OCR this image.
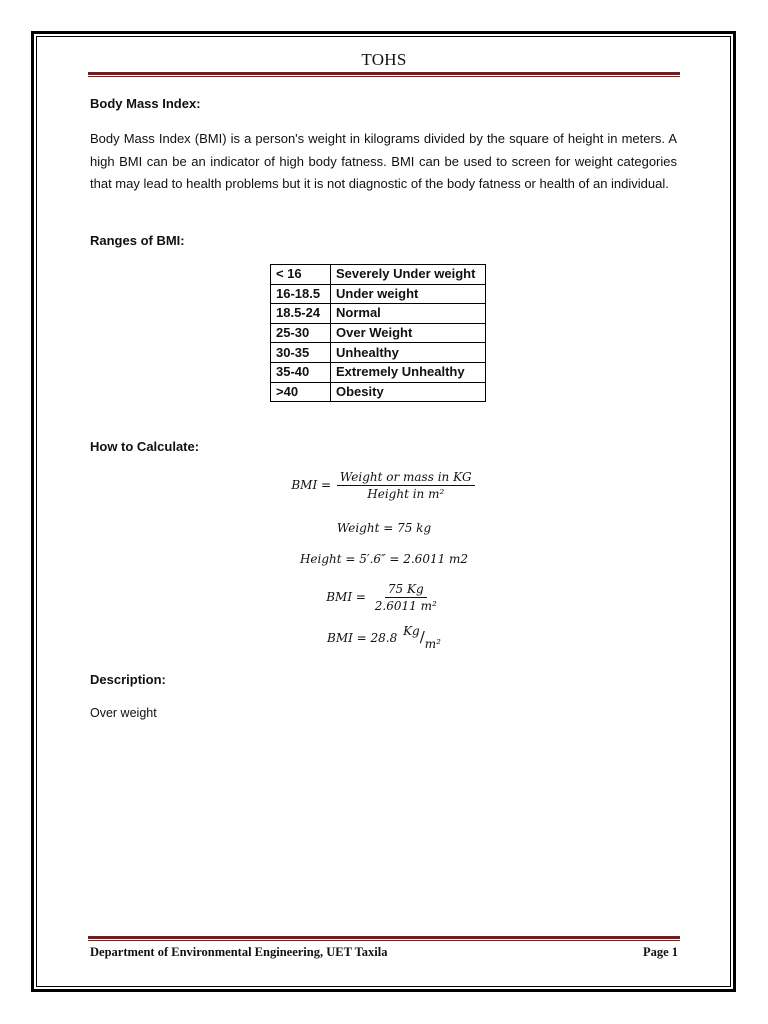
TOHS
Body Mass Index:
Body Mass Index (BMI) is a person's weight in kilograms divided by the square of height in meters. A high BMI can be an indicator of high body fatness. BMI can be used to screen for weight categories that may lead to health problems but it is not diagnostic of the body fatness or health of an individual.
Ranges of BMI:
< 16	Severely Under weight
16-18.5	Under weight
18.5-24	Normal
25-30	Over Weight
30-35	Unhealthy
35-40	Extremely Unhealthy
>40	Obesity
How to Calculate:
BMI = $\frac{\text{Weight or mass in KG}}{\text{Height in m²}}$
Weight = 75 kg
Height = 5′.6″ = 2.6011 m2
BMI = $\frac{75 Kg}{\text{2.6011 m²}}$
BMI = 28.8 Kg/m²
Description:
Over weight
Department of Environmental Engineering, UET Taxila	Page 1
